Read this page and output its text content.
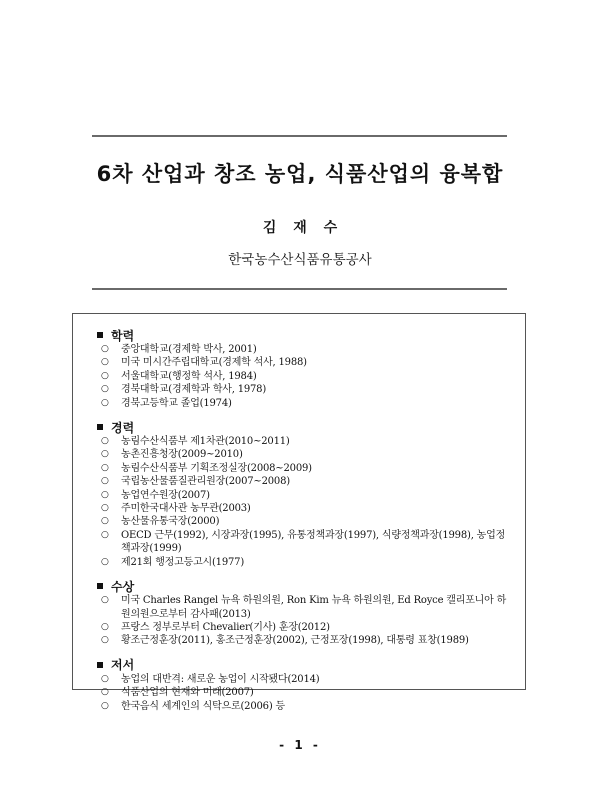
6차 산업과 창조 농업, 식품산업의 융복합
김 재 수
한국농수산식품유통공사
학력
○ 중앙대학교(경제학 박사, 2001)
○ 미국 미시간주립대학교(경제학 석사, 1988)
○ 서울대학교(행정학 석사, 1984)
○ 경북대학교(경제학과 학사, 1978)
○ 경북고등학교 졸업(1974)
경력
○ 농림수산식품부 제1차관(2010~2011)
○ 농촌진흥청장(2009~2010)
○ 농림수산식품부 기획조정실장(2008~2009)
○ 국립농산물품질관리원장(2007~2008)
○ 농업연수원장(2007)
○ 주미한국대사관 농무관(2003)
○ 농산물유통국장(2000)
○ OECD 근무(1992), 시장과장(1995), 유통정책과장(1997), 식량정책과장(1998), 농업정책과장(1999)
○ 제21회 행정고등고시(1977)
수상
○ 미국 Charles Rangel 뉴욕 하원의원, Ron Kim 뉴욕 하원의원, Ed Royce 캘리포니아 하원의원으로부터 감사패(2013)
○ 프랑스 정부로부터 Chevalier(기사) 훈장(2012)
○ 황조근정훈장(2011), 홍조근정훈장(2002), 근정포장(1998), 대통령 표창(1989)
저서
○ 농업의 대반격: 새로운 농업이 시작됐다(2014)
○ 식품산업의 현재와 미래(2007)
○ 한국음식 세계인의 식탁으로(2006) 등
- 1 -
